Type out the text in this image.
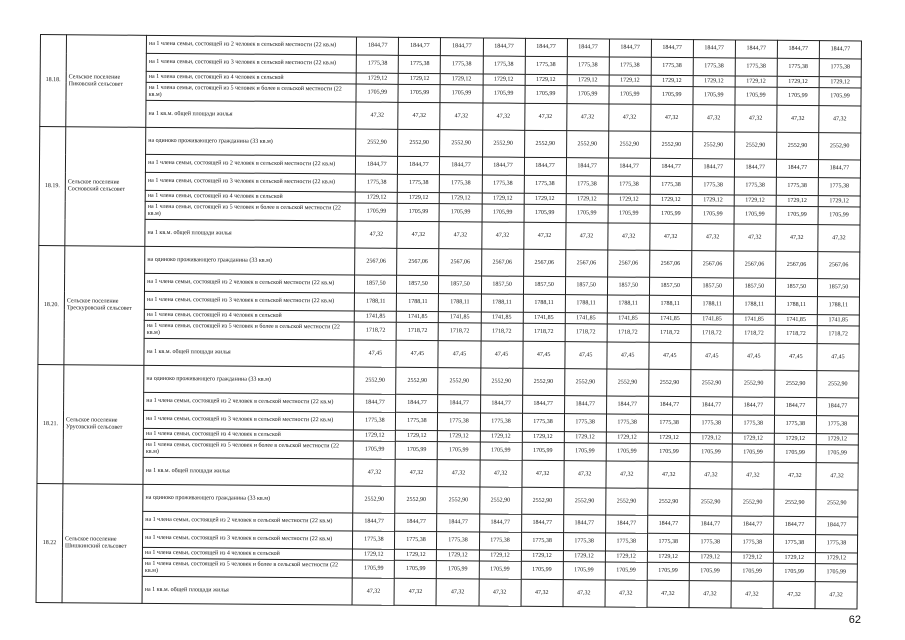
18.18.	Сельское поселение Пиковский сельсовет	на 1 члена семьи, состоящей из 2 человек в сельской местности (22 кв.м)	1844,77	1844,77	1844,77	1844,77	1844,77	1844,77	1844,77	1844,77	1844,77	1844,77	1844,77	1844,77
		на 1 члена семьи, состоящей из 3 человек в сельской местности (22 кв.м)	1775,38	1775,38	1775,38	1775,38	1775,38	1775,38	1775,38	1775,38	1775,38	1775,38	1775,38	1775,38
		на 1 члена семьи, состоящей из 4 человек в сельской	1729,12	1729,12	1729,12	1729,12	1729,12	1729,12	1729,12	1729,12	1729,12	1729,12	1729,12	1729,12
		на 1 члена семьи, состоящей из 5 человек и более в сельской местности (22 кв.м)	1705,99	1705,99	1705,99	1705,99	1705,99	1705,99	1705,99	1705,99	1705,99	1705,99	1705,99	1705,99
		на 1 кв.м. общей площади жилья	47,32	47,32	47,32	47,32	47,32	47,32	47,32	47,32	47,32	47,32	47,32	47,32
18.19.	Сельское поселение Сосновский сельсовет	на одиноко проживающего гражданина (33 кв.м)	2552,90	2552,90	2552,90	2552,90	2552,90	2552,90	2552,90	2552,90	2552,90	2552,90	2552,90	2552,90
		на 1 члена семьи, состоящей из 2 человек в сельской местности (22 кв.м)	1844,77	1844,77	1844,77	1844,77	1844,77	1844,77	1844,77	1844,77	1844,77	1844,77	1844,77	1844,77
		на 1 члена семьи, состоящей из 3 человек в сельской местности (22 кв.м)	1775,38	1775,38	1775,38	1775,38	1775,38	1775,38	1775,38	1775,38	1775,38	1775,38	1775,38	1775,38
		на 1 члена семьи, состоящей из 4 человек в сельской	1729,12	1729,12	1729,12	1729,12	1729,12	1729,12	1729,12	1729,12	1729,12	1729,12	1729,12	1729,12
		на 1 члена семьи, состоящей из 5 человек и более в сельской местности (22 кв.м)	1705,99	1705,99	1705,99	1705,99	1705,99	1705,99	1705,99	1705,99	1705,99	1705,99	1705,99	1705,99
		на 1 кв.м. общей площади жилья	47,32	47,32	47,32	47,32	47,32	47,32	47,32	47,32	47,32	47,32	47,32	47,32
18.20.	Сельское поселение Трескуровский сельсовет	на одиноко проживающего гражданина (33 кв.м)	2567,06	2567,06	2567,06	2567,06	2567,06	2567,06	2567,06	2567,06	2567,06	2567,06	2567,06	2567,06
		на 1 члена семьи, состоящей из 2 человек в сельской местности (22 кв.м)	1857,50	1857,50	1857,50	1857,50	1857,50	1857,50	1857,50	1857,50	1857,50	1857,50	1857,50	1857,50
		на 1 члена семьи, состоящей из 3 человек в сельской местности (22 кв.м)	1788,11	1788,11	1788,11	1788,11	1788,11	1788,11	1788,11	1788,11	1788,11	1788,11	1788,11	1788,11
		на 1 члена семьи, состоящей из 4 человек в сельской	1741,85	1741,85	1741,85	1741,85	1741,85	1741,85	1741,85	1741,85	1741,85	1741,85	1741,85	1741,85
		на 1 члена семьи, состоящей из 5 человек и более в сельской местности (22 кв.м)	1718,72	1718,72	1718,72	1718,72	1718,72	1718,72	1718,72	1718,72	1718,72	1718,72	1718,72	1718,72
		на 1 кв.м. общей площади жилья	47,45	47,45	47,45	47,45	47,45	47,45	47,45	47,45	47,45	47,45	47,45	47,45
18.21.	Сельское поселение Урусовский сельсовет	на одиноко проживающего гражданина (33 кв.м)	2552,90	2552,90	2552,90	2552,90	2552,90	2552,90	2552,90	2552,90	2552,90	2552,90	2552,90	2552,90
		на 1 члена семьи, состоящей из 2 человек в сельской местности (22 кв.м)	1844,77	1844,77	1844,77	1844,77	1844,77	1844,77	1844,77	1844,77	1844,77	1844,77	1844,77	1844,77
		на 1 члена семьи, состоящей из 3 человек в сельской местности (22 кв.м)	1775,38	1775,38	1775,38	1775,38	1775,38	1775,38	1775,38	1775,38	1775,38	1775,38	1775,38	1775,38
		на 1 члена семьи, состоящей из 4 человек в сельской	1729,12	1729,12	1729,12	1729,12	1729,12	1729,12	1729,12	1729,12	1729,12	1729,12	1729,12	1729,12
		на 1 члена семьи, состоящей из 5 человек и более в сельской местности (22 кв.м)	1705,99	1705,99	1705,99	1705,99	1705,99	1705,99	1705,99	1705,99	1705,99	1705,99	1705,99	1705,99
		на 1 кв.м. общей площади жилья	47,32	47,32	47,32	47,32	47,32	47,32	47,32	47,32	47,32	47,32	47,32	47,32
18.22	Сельское поселение Шишкинский сельсовет	на одиноко проживающего гражданина (33 кв.м)	2552,90	2552,90	2552,90	2552,90	2552,90	2552,90	2552,90	2552,90	2552,90	2552,90	2552,90	2552,90
		на 1 члена семьи, состоящей из 2 человек в сельской местности (22 кв.м)	1844,77	1844,77	1844,77	1844,77	1844,77	1844,77	1844,77	1844,77	1844,77	1844,77	1844,77	1844,77
		на 1 члена семьи, состоящей из 3 человек в сельской местности (22 кв.м)	1775,38	1775,38	1775,38	1775,38	1775,38	1775,38	1775,38	1775,38	1775,38	1775,38	1775,38	1775,38
		на 1 члена семьи, состоящей из 4 человек в сельской	1729,12	1729,12	1729,12	1729,12	1729,12	1729,12	1729,12	1729,12	1729,12	1729,12	1729,12	1729,12
		на 1 члена семьи, состоящей из 5 человек и более в сельской местности (22 кв.м)	1705,99	1705,99	1705,99	1705,99	1705,99	1705,99	1705,99	1705,99	1705,99	1705,99	1705,99	1705,99
		на 1 кв.м. общей площади жилья	47,32	47,32	47,32	47,32	47,32	47,32	47,32	47,32	47,32	47,32	47,32	47,32
62
